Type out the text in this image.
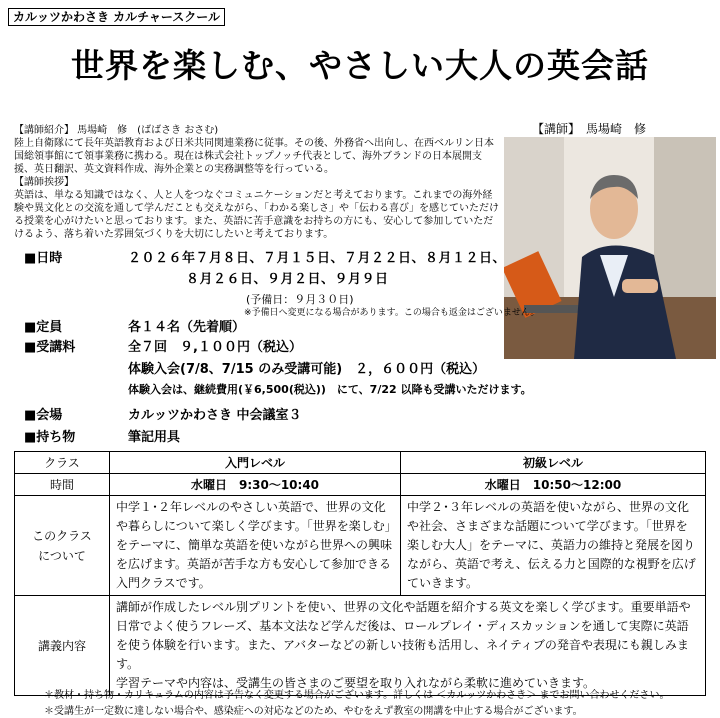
カルッツかわさき カルチャースクール
世界を楽しむ、やさしい大人の英会話
【講師】　馬場崎　修

【講師紹介】 馬場崎　修　(ばばさき おさむ)

陸上自衛隊にて長年英語教育および日米共同関連業務に従事。その後、外務省へ出向し、在西ベルリン日本国総領事館にて領事業務に携わる。現在は株式会社トップノッチ代表として、海外ブランドの日本展開支援、英日翻訳、英文資料作成、海外企業との実務調整等を行っている。

【講師挨拶】

英語は、単なる知識ではなく、人と人をつなぐコミュニケーションだと考えております。これまでの海外経験や異文化との交流を通して学んだことも交えながら、「わかる楽しさ」や「伝わる喜び」を感じていただける授業を心がけたいと思っております。また、英語に苦手意識をお持ちの方にも、安心して参加していただけるよう、落ち着いた雰囲気づくりを大切にしたいと考えております。

■日時	２０２６年７月８日、７月１５日、７月２２日、８月１２日、
８月２６日、９月２日、９月９日
(予備日：９月３０日)
※予備日へ変更になる場合があります。この場合も返金はございません。
■定員	各１４名（先着順）
■受講料	全７回　９,１００円（税込）
体験入会(7/8、7/15 のみ受講可能)　２，６００円（税込）
体験入会は、継続費用(￥6,500(税込))　にて、7/22 以降も受講いただけます。
■会場	カルッツかわさき 中会議室３
■持ち物	筆記用具
クラス	入門レベル	初級レベル
時間	水曜日　9:30～10:40	水曜日　10:50～12:00
このクラス
について	中学１･２年レベルのやさしい英語で、世界の文化や暮らしについて楽しく学びます。「世界を楽しむ」をテーマに、簡単な英語を使いながら世界への興味を広げます。英語が苦手な方も安心して参加できる入門クラスです。	中学２･３年レベルの英語を使いながら、世界の文化や社会、さまざまな話題について学びます。「世界を楽しむ大人」をテーマに、英語力の維持と発展を図りながら、英語で考え、伝える力と国際的な視野を広げていきます。
講義内容	講師が作成したレベル別プリントを使い、世界の文化や話題を紹介する英文を楽しく学びます。重要単語や日常でよく使うフレーズ、基本文法など学んだ後は、ロールプレイ・ディスカッションを通して実際に英語を使う体験を行います。また、アバターなどの新しい技術も活用し、ネイティブの発音や表現にも親しみます。
学習テーマや内容は、受講生の皆さまのご要望を取り入れながら柔軟に進めていきます。	
＊教材・持ち物・カリキュラムの内容は予告なく変更する場合がございます。詳しくは ＜カルッツかわさき＞ までお問い合わせください。
＊受講生が一定数に達しない場合や、感染症への対応などのため、やむをえず教室の開講を中止する場合がございます。
